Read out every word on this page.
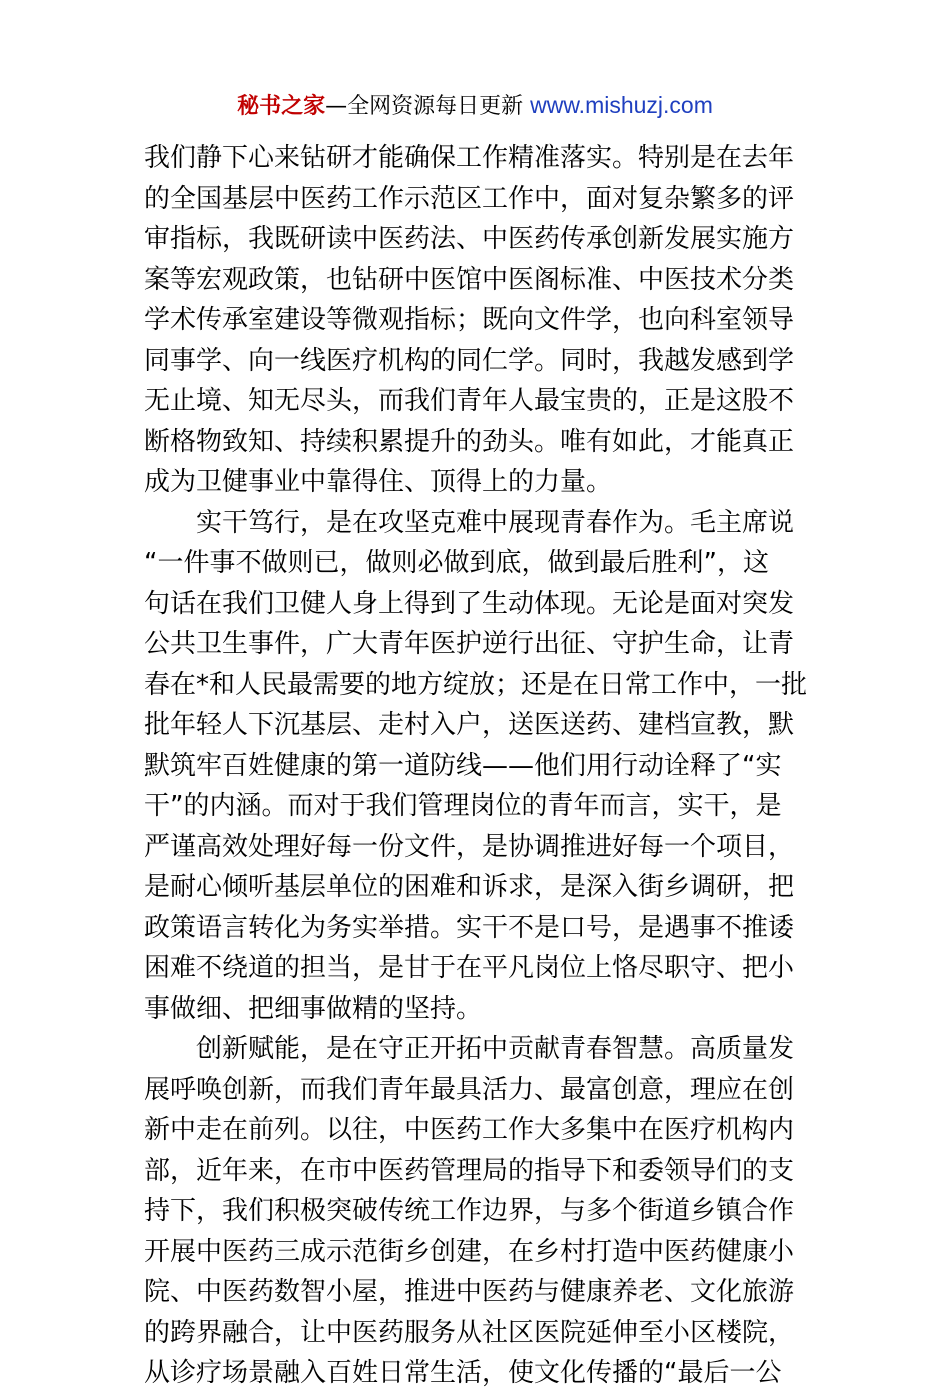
秘书之家—全网资源每日更新 www.mishuzj.com
我们静下心来钻研才能确保工作精准落实。特别是在去年
的全国基层中医药工作示范区工作中，面对复杂繁多的评
审指标，我既研读中医药法、中医药传承创新发展实施方
案等宏观政策，也钻研中医馆中医阁标准、中医技术分类
学术传承室建设等微观指标；既向文件学，也向科室领导
同事学、向一线医疗机构的同仁学。同时，我越发感到学
无止境、知无尽头，而我们青年人最宝贵的，正是这股不
断格物致知、持续积累提升的劲头。唯有如此，才能真正
成为卫健事业中靠得住、顶得上的力量。
实干笃行，是在攻坚克难中展现青春作为。毛主席说
“一件事不做则已，做则必做到底，做到最后胜利”，这
句话在我们卫健人身上得到了生动体现。无论是面对突发
公共卫生事件，广大青年医护逆行出征、守护生命，让青
春在*和人民最需要的地方绽放；还是在日常工作中，一批
批年轻人下沉基层、走村入户，送医送药、建档宣教，默
默筑牢百姓健康的第一道防线——他们用行动诠释了“实
干”的内涵。而对于我们管理岗位的青年而言，实干，是
严谨高效处理好每一份文件，是协调推进好每一个项目，
是耐心倾听基层单位的困难和诉求，是深入街乡调研，把
政策语言转化为务实举措。实干不是口号，是遇事不推诿
困难不绕道的担当，是甘于在平凡岗位上恪尽职守、把小
事做细、把细事做精的坚持。
创新赋能，是在守正开拓中贡献青春智慧。高质量发
展呼唤创新，而我们青年最具活力、最富创意，理应在创
新中走在前列。以往，中医药工作大多集中在医疗机构内
部，近年来，在市中医药管理局的指导下和委领导们的支
持下，我们积极突破传统工作边界，与多个街道乡镇合作
开展中医药三成示范街乡创建，在乡村打造中医药健康小
院、中医药数智小屋，推进中医药与健康养老、文化旅游
的跨界融合，让中医药服务从社区医院延伸至小区楼院，
从诊疗场景融入百姓日常生活，使文化传播的“最后一公
